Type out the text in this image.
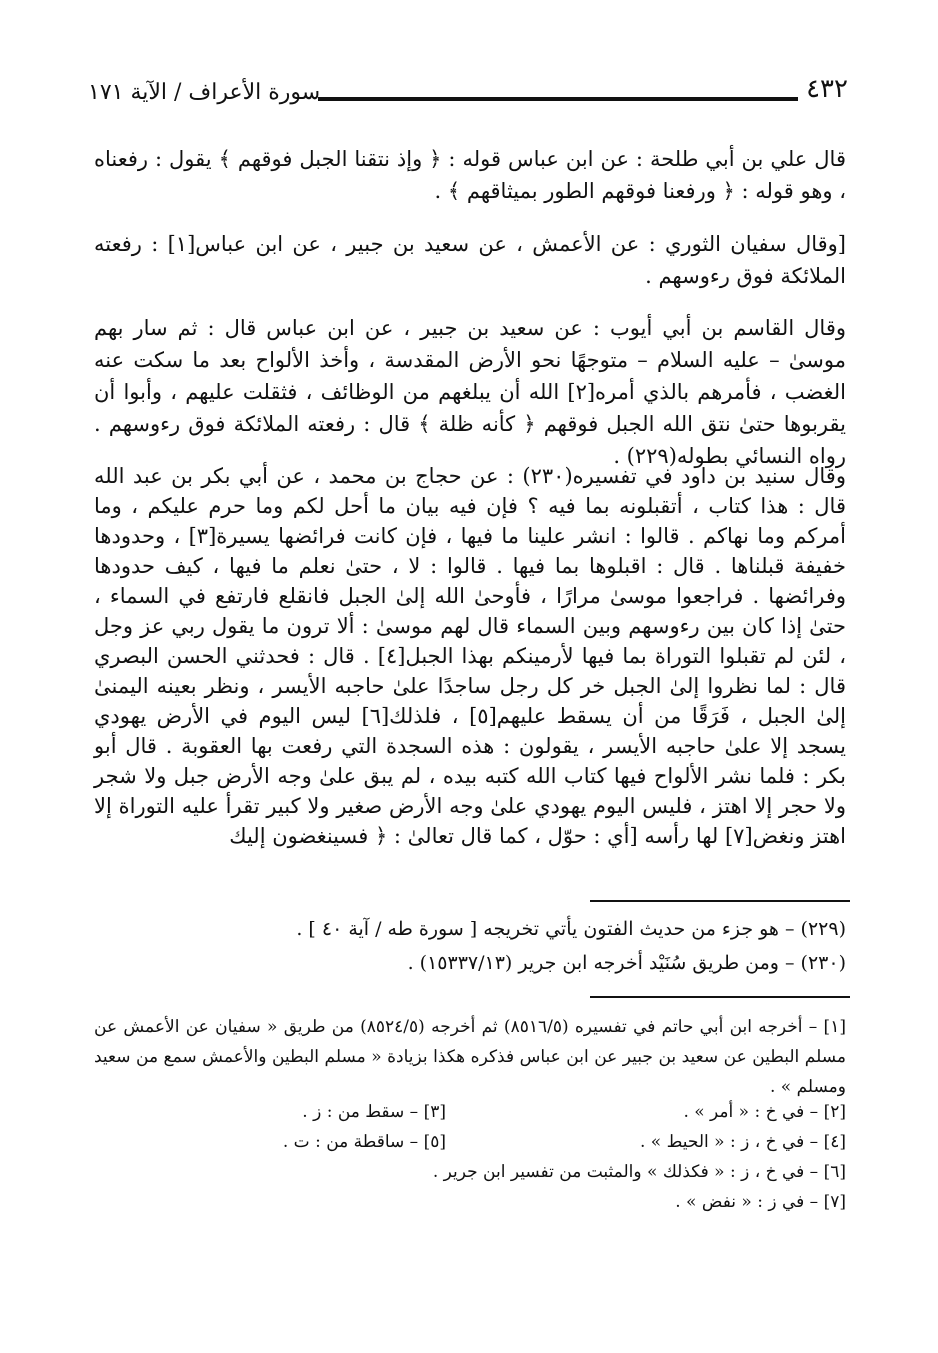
٤٣٢
سورة الأعراف / الآية ١٧١

قال علي بن أبي طلحة : عن ابن عباس قوله : ﴿ وإذ نتقنا الجبل فوقهم ﴾ يقول : رفعناه ، وهو قوله : ﴿ ورفعنا فوقهم الطور بميثاقهم ﴾ .

[وقال سفيان الثوري : عن الأعمش ، عن سعيد بن جبير ، عن ابن عباس[١] : رفعته الملائكة فوق رءوسهم .

وقال القاسم بن أبي أيوب : عن سعيد بن جبير ، عن ابن عباس قال : ثم سار بهم موسىٰ – عليه السلام – متوجهًا نحو الأرض المقدسة ، وأخذ الألواح بعد ما سكت عنه الغضب ، فأمرهم بالذي أمره[٢] الله أن يبلغهم من الوظائف ، فثقلت عليهم ، وأبوا أن يقربوها حتىٰ نتق الله الجبل فوقهم ﴿ كأنه ظلة ﴾ قال : رفعته الملائكة فوق رءوسهم . رواه النسائي بطوله(٢٢٩) .

وقال سنيد بن داود في تفسيره(٢٣٠) : عن حجاج بن محمد ، عن أبي بكر بن عبد الله قال : هذا كتاب ، أتقبلونه بما فيه ؟ فإن فيه بيان ما أحل لكم وما حرم عليكم ، وما أمركم وما نهاكم . قالوا : انشر علينا ما فيها ، فإن كانت فرائضها يسيرة[٣] ، وحدودها خفيفة قبلناها . قال : اقبلوها بما فيها . قالوا : لا ، حتىٰ نعلم ما فيها ، كيف حدودها وفرائضها . فراجعوا موسىٰ مرارًا ، فأوحىٰ الله إلىٰ الجبل فانقلع فارتفع في السماء ، حتىٰ إذا كان بين رءوسهم وبين السماء قال لهم موسىٰ : ألا ترون ما يقول ربي عز وجل ، لئن لم تقبلوا التوراة بما فيها لأرمينكم بهذا الجبل[٤] . قال : فحدثني الحسن البصري قال : لما نظروا إلىٰ الجبل خر كل رجل ساجدًا علىٰ حاجبه الأيسر ، ونظر بعينه اليمنىٰ إلىٰ الجبل ، فَرَقًا من أن يسقط عليهم[٥] ، فلذلك[٦] ليس اليوم في الأرض يهودي يسجد إلا علىٰ حاجبه الأيسر ، يقولون : هذه السجدة التي رفعت بها العقوبة . قال أبو بكر : فلما نشر الألواح فيها كتاب الله كتبه بيده ، لم يبق علىٰ وجه الأرض جبل ولا شجر ولا حجر إلا اهتز ، فليس اليوم يهودي علىٰ وجه الأرض صغير ولا كبير تقرأ عليه التوراة إلا اهتز ونغض[٧] لها رأسه [أي : حوّل ، كما قال تعالىٰ : ﴿ فسينغضون إليك

(٢٢٩) – هو جزء من حديث الفتون يأتي تخريجه [ سورة طه / آية ٤٠ ] .

(٢٣٠) – ومن طريق سُنَيْد أخرجه ابن جرير (١٥٣٣٧/١٣) .

[١] – أخرجه ابن أبي حاتم في تفسيره (٨٥١٦/٥) ثم أخرجه (٨٥٢٤/٥) من طريق « سفيان عن الأعمش عن مسلم البطين عن سعيد بن جبير عن ابن عباس فذكره هكذا بزيادة « مسلم البطين والأعمش سمع من سعيد ومسلم » .

[٢] – في خ : « أمر » .
[٣] – سقط من : ز .
[٤] – في خ ، ز : « الحيط » .
[٥] – ساقطة من : ت .
[٦] – في خ ، ز : « فكذلك » والمثبت من تفسير ابن جرير .
[٧] – في ز : « نفض » .
